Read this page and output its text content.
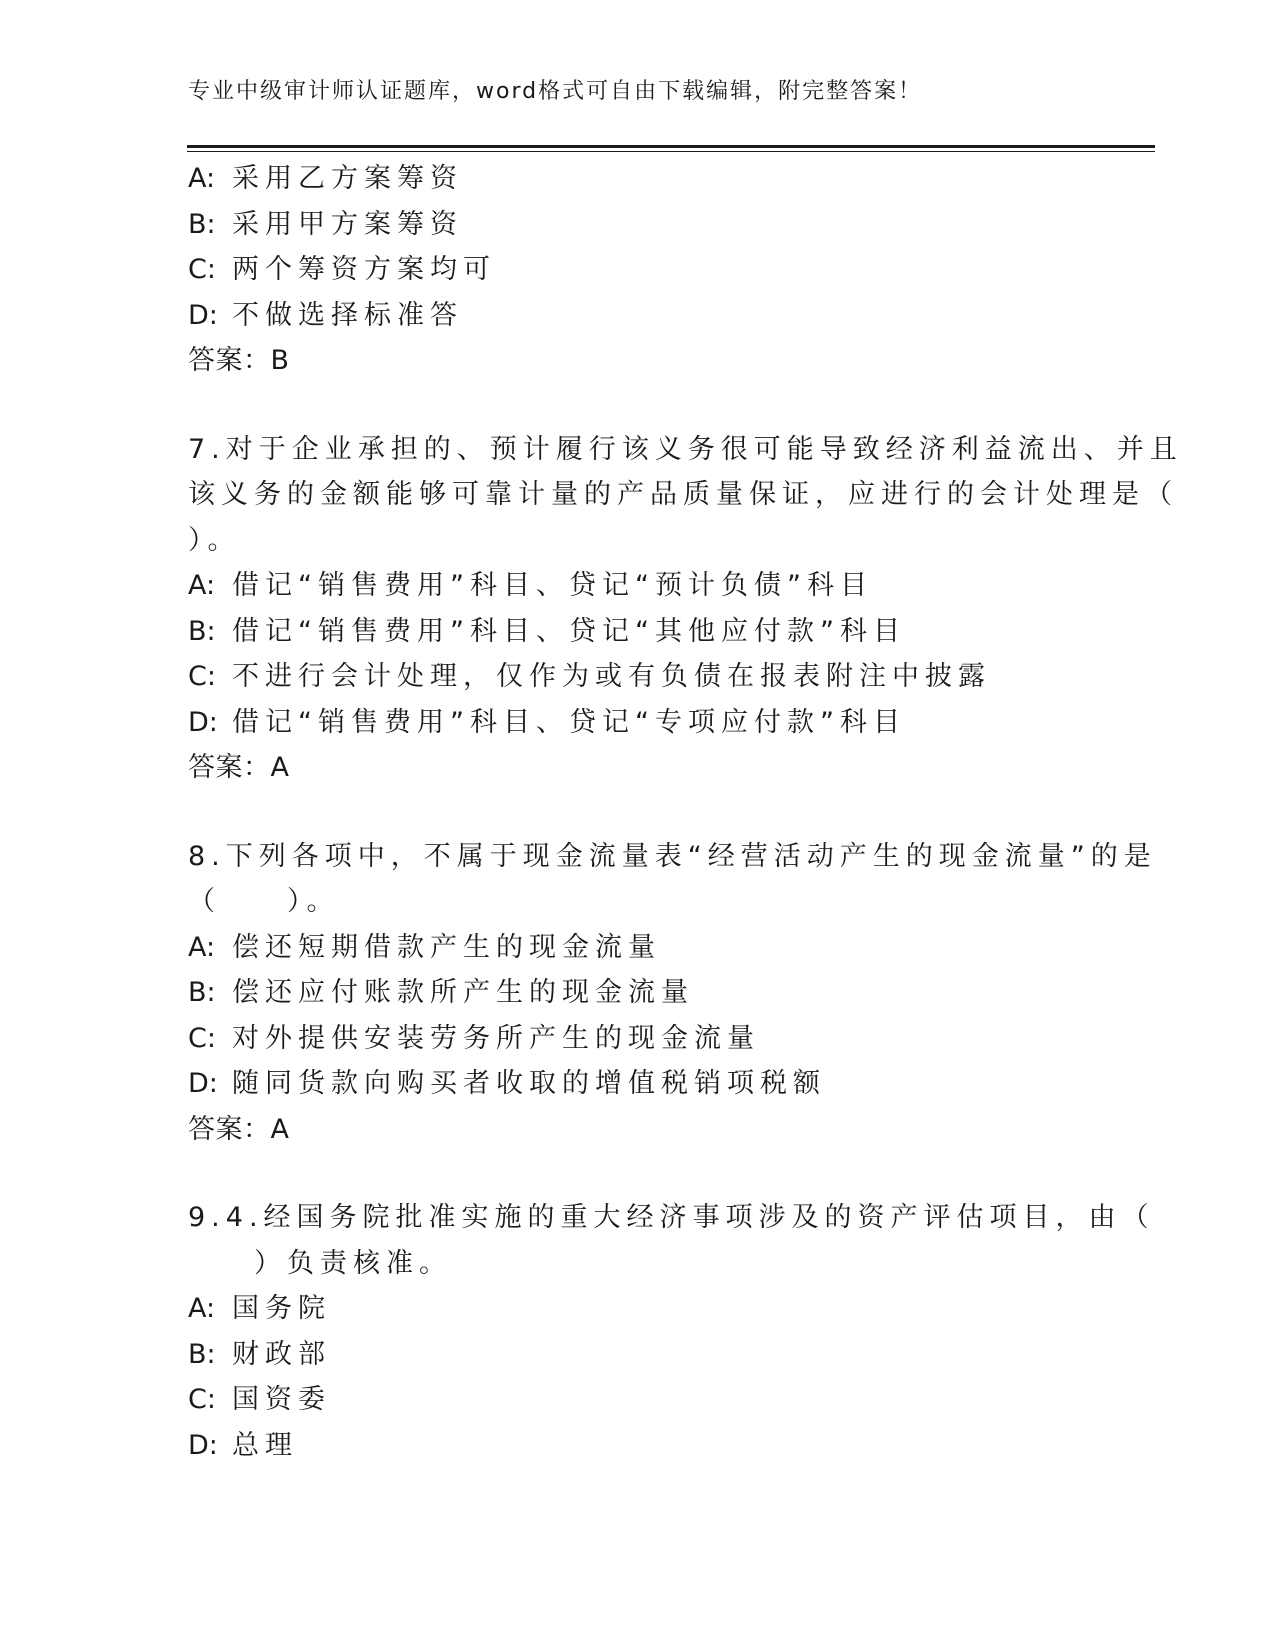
专业中级审计师认证题库，word格式可自由下载编辑，附完整答案！
A: 采用乙方案筹资
B: 采用甲方案筹资
C: 两个筹资方案均可
D: 不做选择标准答
答案：B
7.对于企业承担的、预计履行该义务很可能导致经济利益流出、并且
该义务的金额能够可靠计量的产品质量保证，应进行的会计处理是（
）。
A: 借记“销售费用”科目、贷记“预计负债”科目
B: 借记“销售费用”科目、贷记“其他应付款”科目
C: 不进行会计处理，仅作为或有负债在报表附注中披露
D: 借记“销售费用”科目、贷记“专项应付款”科目
答案：A
8.下列各项中，不属于现金流量表“经营活动产生的现金流量”的是
（　　）。
A: 偿还短期借款产生的现金流量
B: 偿还应付账款所产生的现金流量
C: 对外提供安装劳务所产生的现金流量
D: 随同货款向购买者收取的增值税销项税额
答案：A
9.4.经国务院批准实施的重大经济事项涉及的资产评估项目，由（
）负责核准。
A: 国务院
B: 财政部
C: 国资委
D: 总理
